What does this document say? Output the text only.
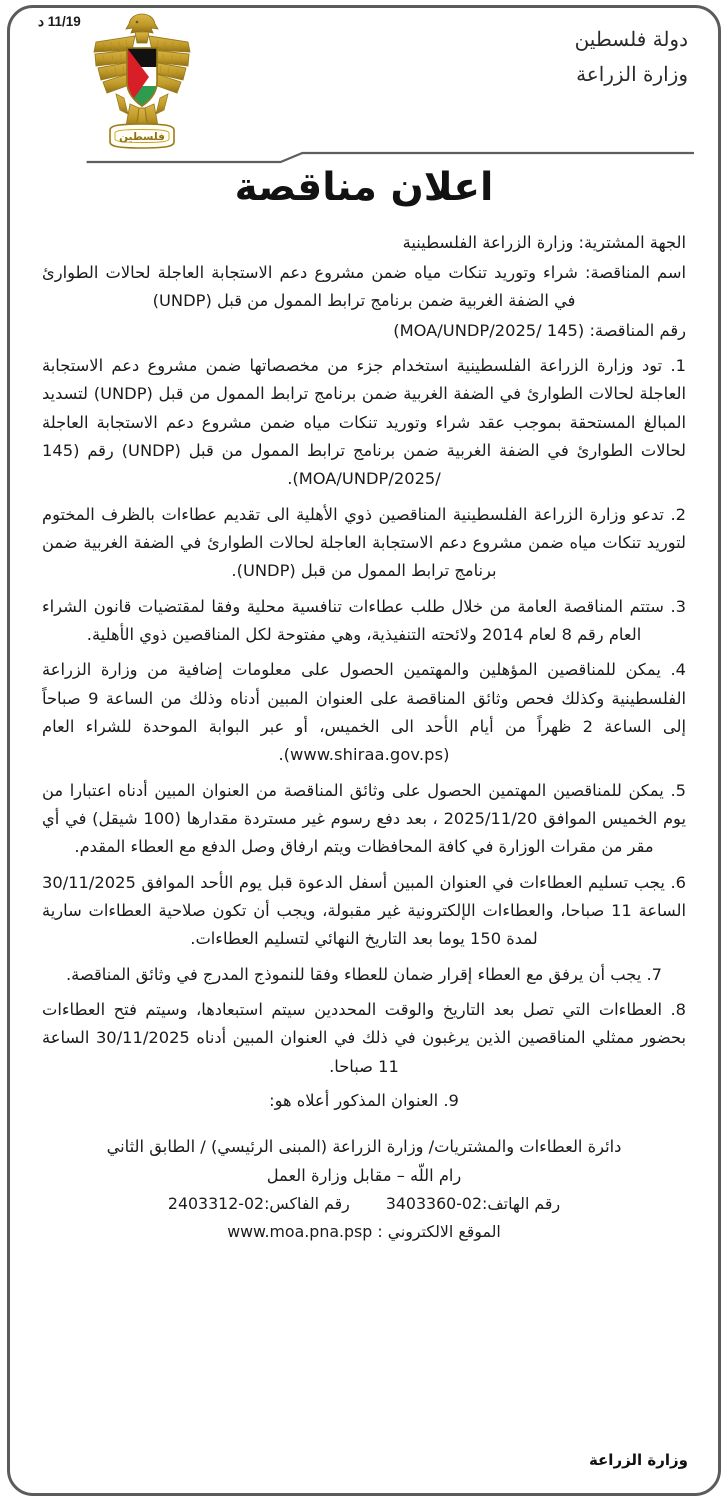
11/19 د
فلسطين
دولة فلسطين
وزارة الزراعة
اعلان مناقصة

الجهة المشترية: وزارة الزراعة الفلسطينية

اسم المناقصة: شراء وتوريد تنكات مياه ضمن مشروع دعم الاستجابة العاجلة لحالات الطوارئ في الضفة الغربية ضمن برنامج ترابط الممول من قبل (UNDP)

رقم المناقصة: (145 /MOA/UNDP/2025)

1. تود وزارة الزراعة الفلسطينية استخدام جزء من مخصصاتها ضمن مشروع دعم الاستجابة العاجلة لحالات الطوارئ في الضفة الغربية ضمن برنامج ترابط الممول من قبل (UNDP) لتسديد المبالغ المستحقة بموجب عقد شراء وتوريد تنكات مياه ضمن مشروع دعم الاستجابة العاجلة لحالات الطوارئ في الضفة الغربية ضمن برنامج ترابط الممول من قبل (UNDP) رقم (145 /MOA/UNDP/2025).

2. تدعو وزارة الزراعة الفلسطينية المناقصين ذوي الأهلية الى تقديم عطاءات بالظرف المختوم لتوريد تنكات مياه ضمن مشروع دعم الاستجابة العاجلة لحالات الطوارئ في الضفة الغربية ضمن برنامج ترابط الممول من قبل (UNDP).

3. ستتم المناقصة العامة من خلال طلب عطاءات تنافسية محلية وفقا لمقتضيات قانون الشراء العام رقم 8 لعام 2014 ولائحته التنفيذية، وهي مفتوحة لكل المناقصين ذوي الأهلية.

4. يمكن للمناقصين المؤهلين والمهتمين الحصول على معلومات إضافية من وزارة الزراعة الفلسطينية وكذلك فحص وثائق المناقصة على العنوان المبين أدناه وذلك من الساعة 9 صباحاً إلى الساعة 2 ظهراً من أيام الأحد الى الخميس، أو عبر البوابة الموحدة للشراء العام (www.shiraa.gov.ps).

5. يمكن للمناقصين المهتمين الحصول على وثائق المناقصة من العنوان المبين أدناه اعتبارا من يوم الخميس الموافق 2025/11/20 ، بعد دفع رسوم غير مستردة مقدارها (100 شيقل) في أي مقر من مقرات الوزارة في كافة المحافظات ويتم ارفاق وصل الدفع مع العطاء المقدم.

6. يجب تسليم العطاءات في العنوان المبين أسفل الدعوة قبل يوم الأحد الموافق 30/11/2025 الساعة 11 صباحا، والعطاءات الإلكترونية غير مقبولة، ويجب أن تكون صلاحية العطاءات سارية لمدة 150 يوما بعد التاريخ النهائي لتسليم العطاءات.

7. يجب أن يرفق مع العطاء إقرار ضمان للعطاء وفقا للنموذج المدرج في وثائق المناقصة.

8. العطاءات التي تصل بعد التاريخ والوقت المحددين سيتم استبعادها، وسيتم فتح العطاءات بحضور ممثلي المناقصين الذين يرغبون في ذلك في العنوان المبين أدناه 30/11/2025 الساعة 11 صباحا.

9. العنوان المذكور أعلاه هو:

دائرة العطاءات والمشتريات/ وزارة الزراعة (المبنى الرئيسي) / الطابق الثاني
رام اللّه – مقابل وزارة العمل
رقم الهاتف:02-3403360  رقم الفاكس:02-2403312
الموقع الالكتروني : www.moa.pna.psp
وزارة الزراعة
